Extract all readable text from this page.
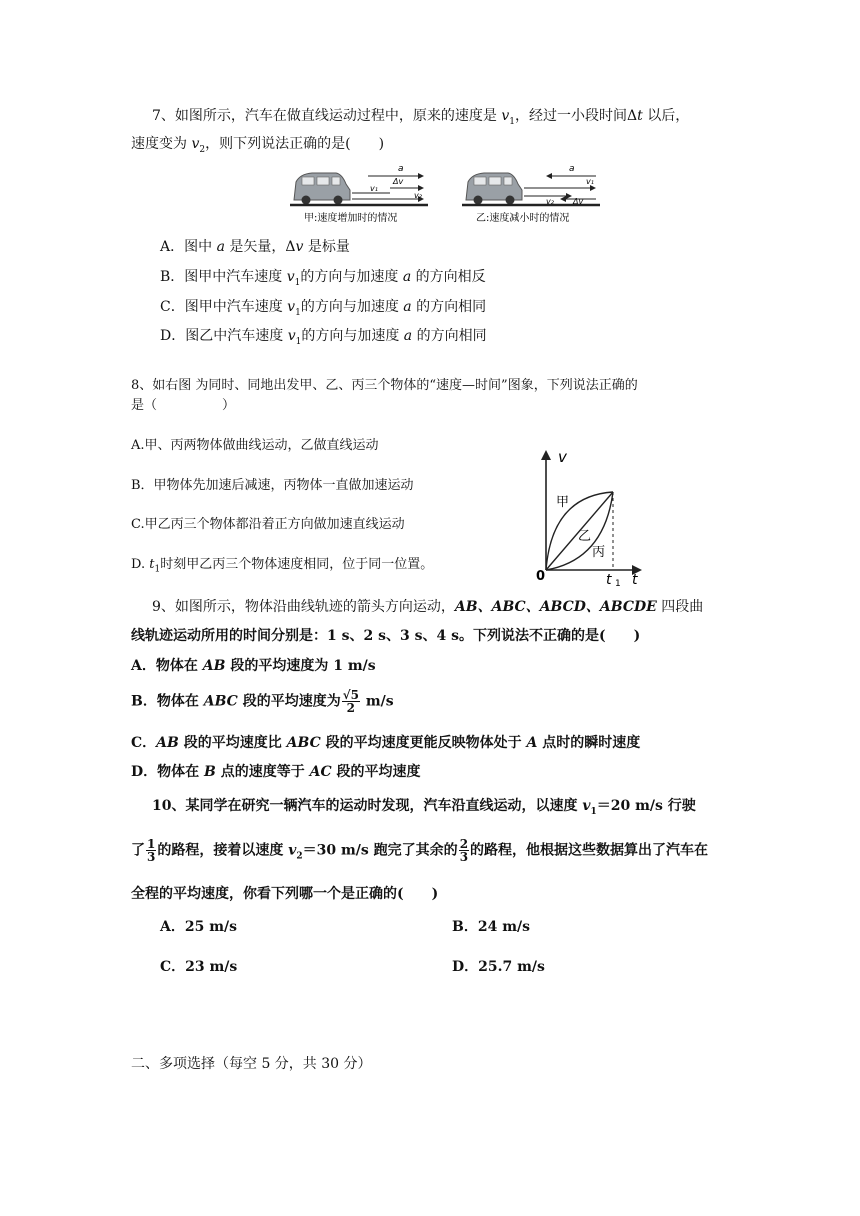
7、如图所示，汽车在做直线运动过程中，原来的速度是 $v_1$，经过一小段时间Δt 以后，
速度变为 $v_2$，则下列说法正确的是(　　)
a
Δv
v₁
v₂
甲:速度增加时的情况
a
v₁
v₂ Δv
乙:速度减小时的情况
A．图中 a 是矢量，Δv 是标量
B．图甲中汽车速度 $v_1$的方向与加速度 a 的方向相反
C．图甲中汽车速度 $v_1$的方向与加速度 a 的方向相同
D．图乙中汽车速度 $v_1$的方向与加速度 a 的方向相同
8、如右图 为同时、同地出发甲、乙、丙三个物体的“速度—时间”图象，下列说法正确的
是（　　　　　）
A.甲、丙两物体做曲线运动，乙做直线运动
B．甲物体先加速后减速，丙物体一直做加速运动
C.甲乙丙三个物体都沿着正方向做加速直线运动
D. $t_1$时刻甲乙丙三个物体速度相同，位于同一位置。
v
t
0	t 1
甲
乙
丙
9、如图所示，物体沿曲线轨迹的箭头方向运动，AB、ABC、ABCD、ABCDE 四段曲
线轨迹运动所用的时间分别是：1 s、2 s、3 s、4 s。下列说法不正确的是(　　)
A．物体在 AB 段的平均速度为 1 m/s
B．物体在 ABC 段的平均速度为 $\frac{√5}{2} m/s$
C．AB 段的平均速度比 ABC 段的平均速度更能反映物体处于 A 点时的瞬时速度
D．物体在 B 点的速度等于 AC 段的平均速度
10、某同学在研究一辆汽车的运动时发现，汽车沿直线运动，以速度 $v_1=20$ m/s 行驶
了 $\frac{1}{3}$ 的路程，接着以速度 $v_2=30$ m/s 跑完了其余的 $\frac{2}{3}$ 的路程，他根据这些数据算出了汽车在
全程的平均速度，你看下列哪一个是正确的(　　)
A．25 m/s	B．24 m/s
C．23 m/s	D．25.7 m/s
二、多项选择（每空 5 分，共 30 分）
